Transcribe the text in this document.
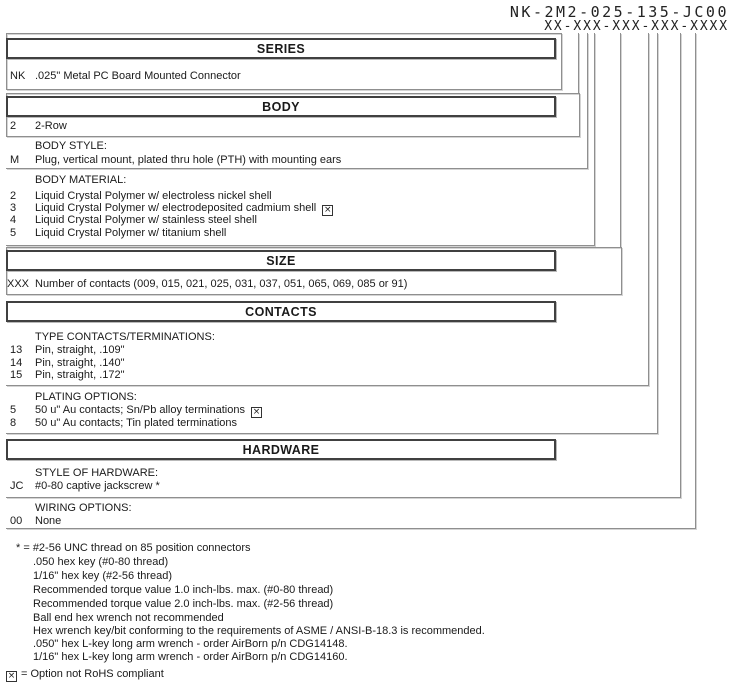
NK-2M2-025-135-JC00
XX-XXX-XXX-XXX-XXXX
SERIES
BODY
SIZE
CONTACTS
HARDWARE
NK .025" Metal PC Board Mounted Connector
2 2-Row
BODY STYLE:
M Plug, vertical mount, plated thru hole (PTH) with mounting ears
BODY MATERIAL:
2 Liquid Crystal Polymer w/ electroless nickel shell
3 Liquid Crystal Polymer w/ electrodeposited cadmium shell ×
4 Liquid Crystal Polymer w/ stainless steel shell
5 Liquid Crystal Polymer w/ titanium shell
XXX Number of contacts (009, 015, 021, 025, 031, 037, 051, 065, 069, 085 or 91)
TYPE CONTACTS/TERMINATIONS:
13 Pin, straight, .109"
14 Pin, straight, .140"
15 Pin, straight, .172"
PLATING OPTIONS:
5 50 u" Au contacts; Sn/Pb alloy terminations ×
8 50 u" Au contacts; Tin plated terminations
STYLE OF HARDWARE:
JC #0-80 captive jackscrew *
WIRING OPTIONS:
00 None
* = #2-56 UNC thread on 85 position connectors
.050 hex key (#0-80 thread)
1/16" hex key (#2-56 thread)
Recommended torque value 1.0 inch-lbs. max. (#0-80 thread)
Recommended torque value 2.0 inch-lbs. max. (#2-56 thread)
Ball end hex wrench not recommended
Hex wrench key/bit conforming to the requirements of ASME / ANSI-B-18.3 is recommended.
.050" hex L-key long arm wrench - order AirBorn p/n CDG14148.
1/16" hex L-key long arm wrench - order AirBorn p/n CDG14160.
× = Option not RoHS compliant
